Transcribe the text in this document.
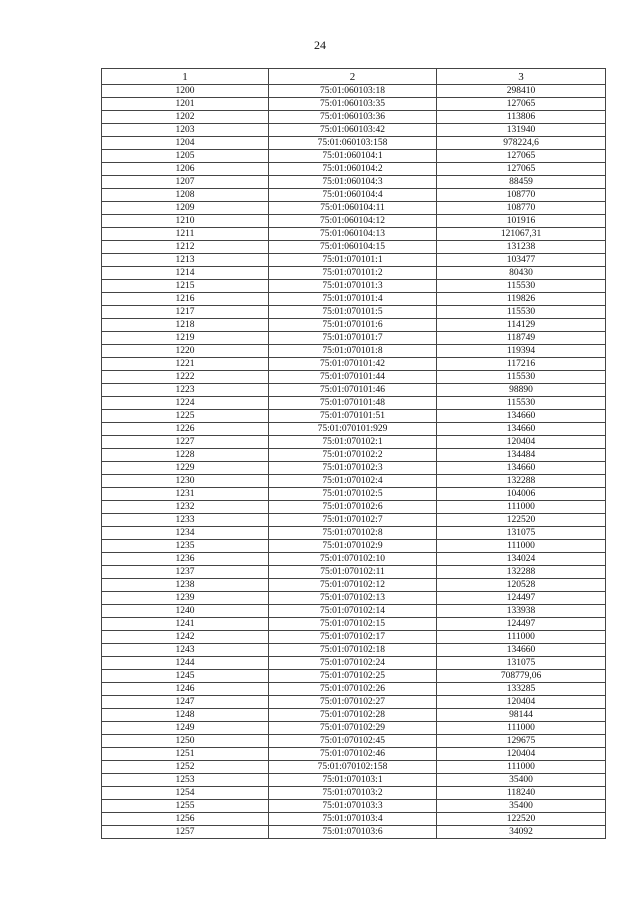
24
1	2	3
1200	75:01:060103:18	298410
1201	75:01:060103:35	127065
1202	75:01:060103:36	113806
1203	75:01:060103:42	131940
1204	75:01:060103:158	978224,6
1205	75:01:060104:1	127065
1206	75:01:060104:2	127065
1207	75:01:060104:3	88459
1208	75:01:060104:4	108770
1209	75:01:060104:11	108770
1210	75:01:060104:12	101916
1211	75:01:060104:13	121067,31
1212	75:01:060104:15	131238
1213	75:01:070101:1	103477
1214	75:01:070101:2	80430
1215	75:01:070101:3	115530
1216	75:01:070101:4	119826
1217	75:01:070101:5	115530
1218	75:01:070101:6	114129
1219	75:01:070101:7	118749
1220	75:01:070101:8	119394
1221	75:01:070101:42	117216
1222	75:01:070101:44	115530
1223	75:01:070101:46	98890
1224	75:01:070101:48	115530
1225	75:01:070101:51	134660
1226	75:01:070101:929	134660
1227	75:01:070102:1	120404
1228	75:01:070102:2	134484
1229	75:01:070102:3	134660
1230	75:01:070102:4	132288
1231	75:01:070102:5	104006
1232	75:01:070102:6	111000
1233	75:01:070102:7	122520
1234	75:01:070102:8	131075
1235	75:01:070102:9	111000
1236	75:01:070102:10	134024
1237	75:01:070102:11	132288
1238	75:01:070102:12	120528
1239	75:01:070102:13	124497
1240	75:01:070102:14	133938
1241	75:01:070102:15	124497
1242	75:01:070102:17	111000
1243	75:01:070102:18	134660
1244	75:01:070102:24	131075
1245	75:01:070102:25	708779,06
1246	75:01:070102:26	133285
1247	75:01:070102:27	120404
1248	75:01:070102:28	98144
1249	75:01:070102:29	111000
1250	75:01:070102:45	129675
1251	75:01:070102:46	120404
1252	75:01:070102:158	111000
1253	75:01:070103:1	35400
1254	75:01:070103:2	118240
1255	75:01:070103:3	35400
1256	75:01:070103:4	122520
1257	75:01:070103:6	34092
